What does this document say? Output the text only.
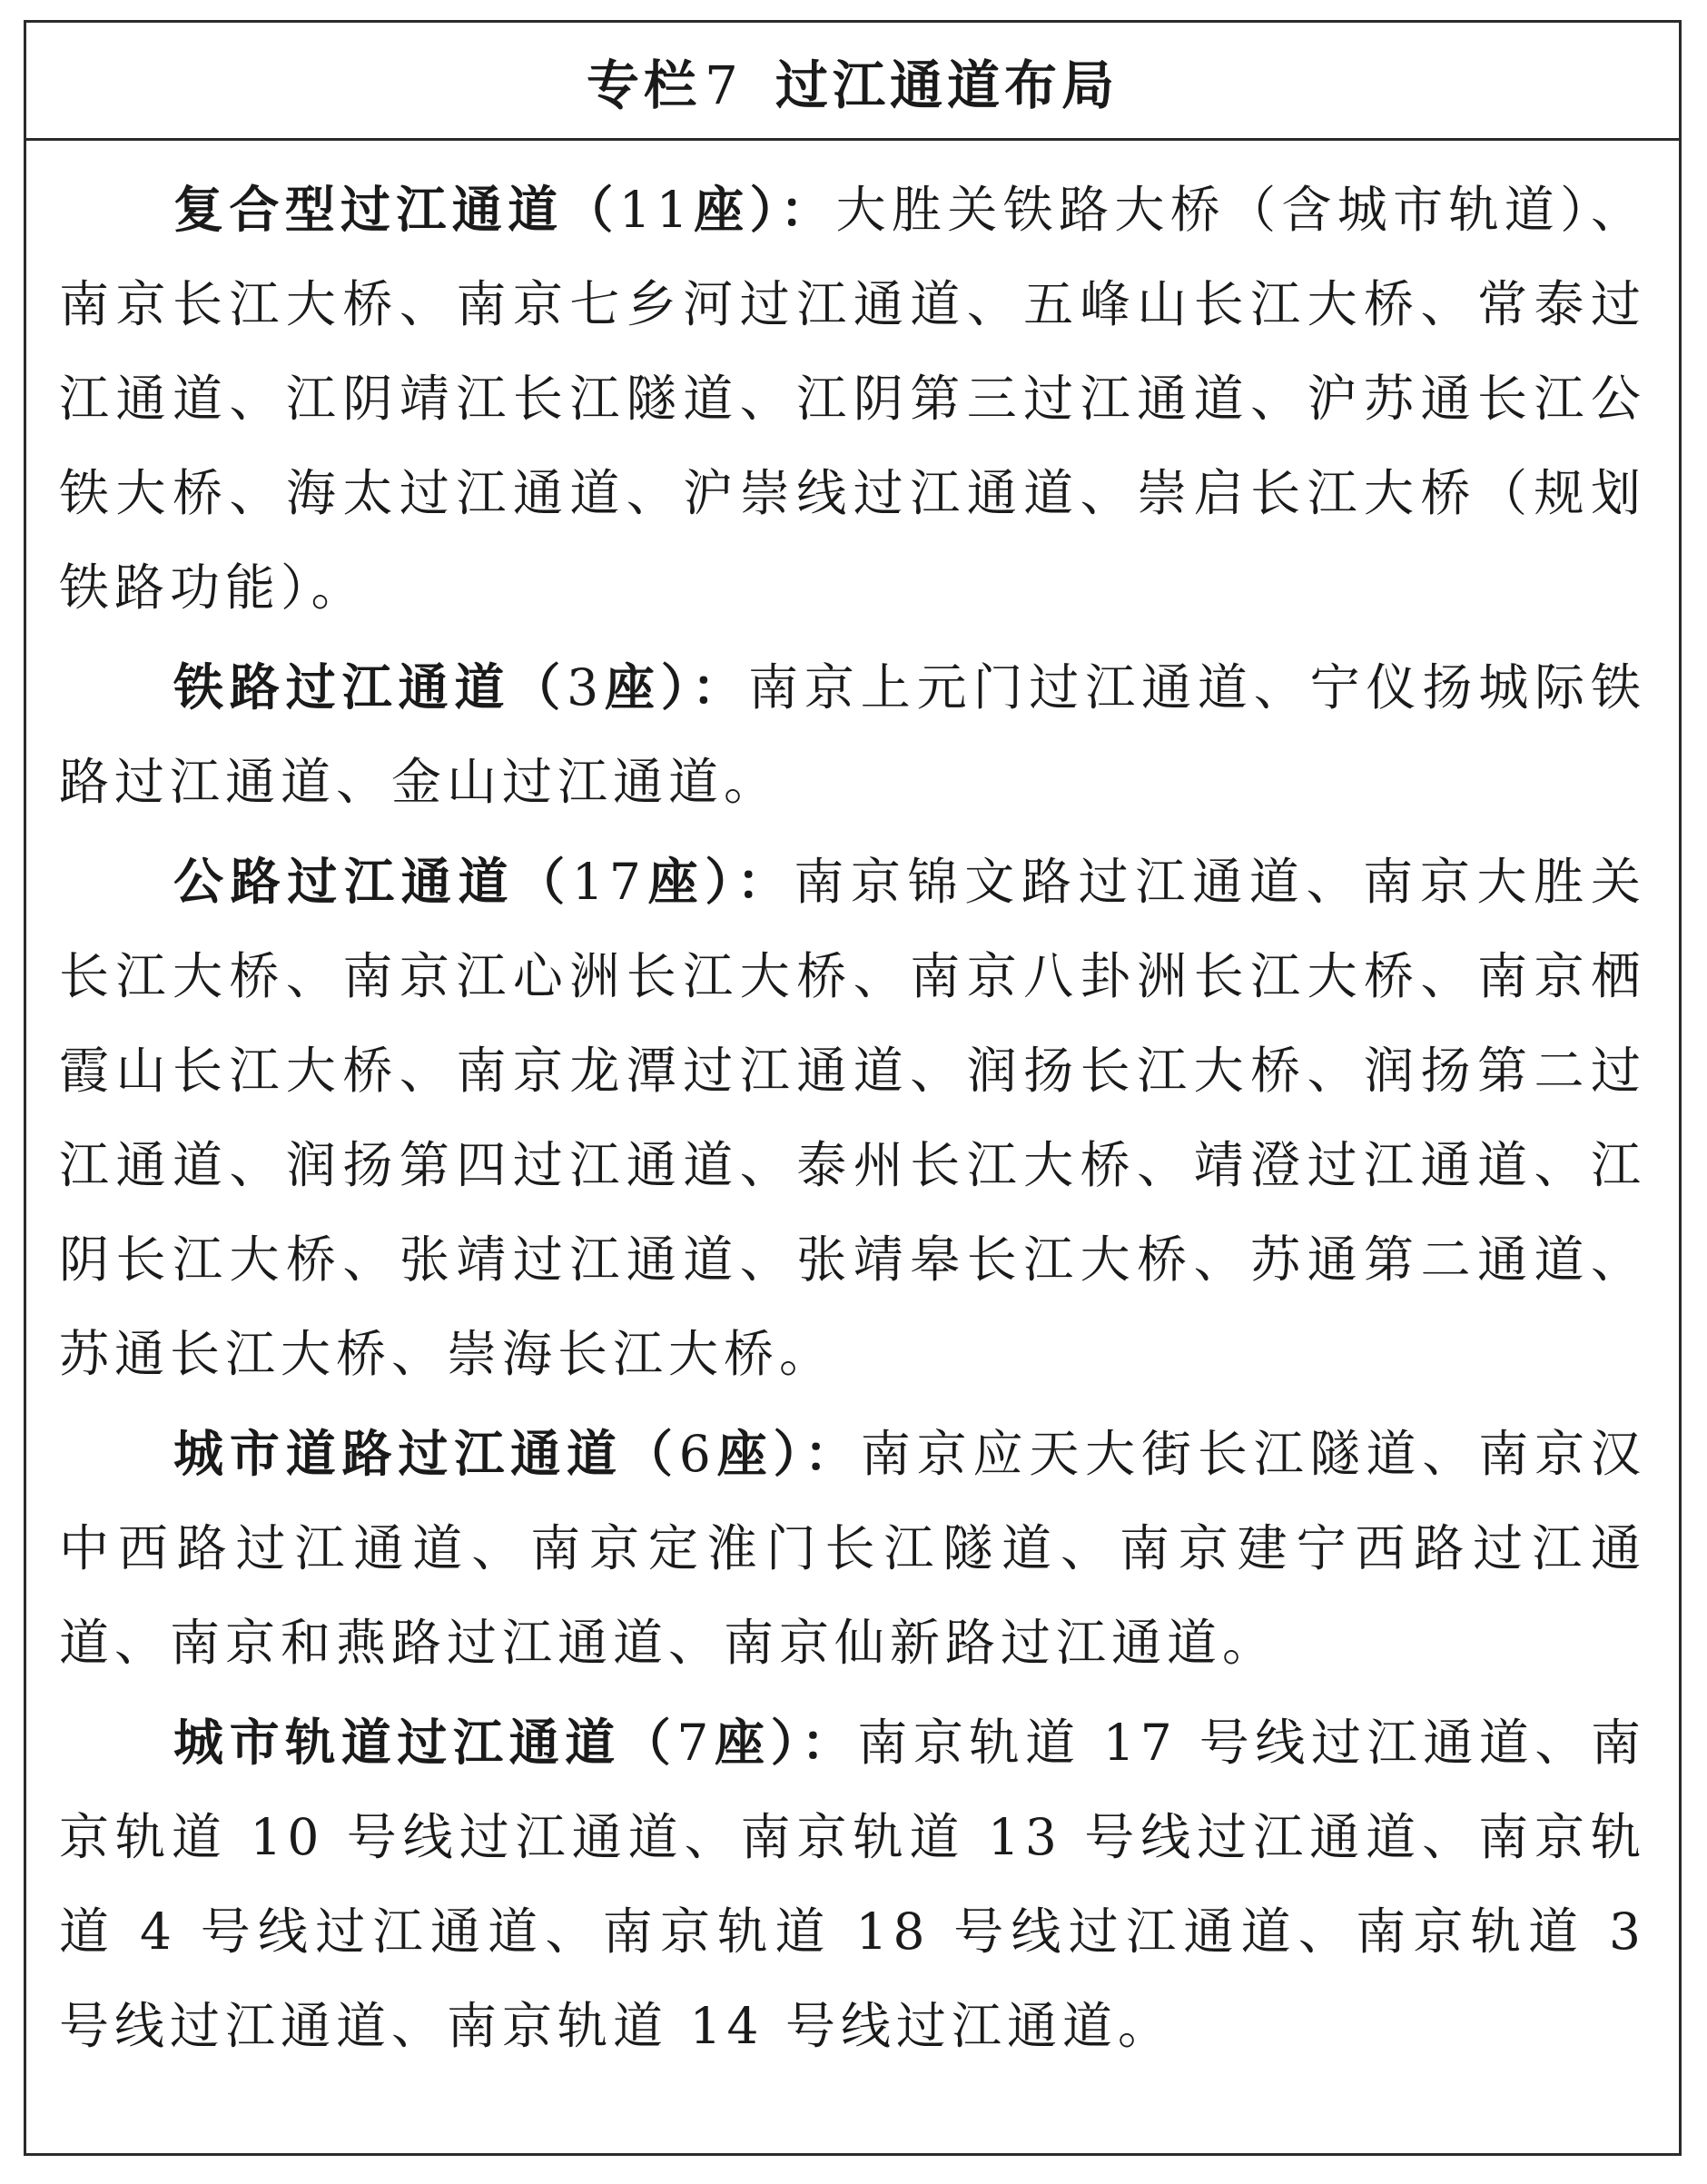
专栏7 过江通道布局

复合型过江通道（11座）：大胜关铁路大桥（含城市轨道）、南京长江大桥、南京七乡河过江通道、五峰山长江大桥、常泰过江通道、江阴靖江长江隧道、江阴第三过江通道、沪苏通长江公铁大桥、海太过江通道、沪崇线过江通道、崇启长江大桥（规划铁路功能）。

铁路过江通道（3座）：南京上元门过江通道、宁仪扬城际铁路过江通道、金山过江通道。

公路过江通道（17座）：南京锦文路过江通道、南京大胜关长江大桥、南京江心洲长江大桥、南京八卦洲长江大桥、南京栖霞山长江大桥、南京龙潭过江通道、润扬长江大桥、润扬第二过江通道、润扬第四过江通道、泰州长江大桥、靖澄过江通道、江阴长江大桥、张靖过江通道、张靖皋长江大桥、苏通第二通道、苏通长江大桥、崇海长江大桥。

城市道路过江通道（6座）：南京应天大街长江隧道、南京汉中西路过江通道、南京定淮门长江隧道、南京建宁西路过江通道、南京和燕路过江通道、南京仙新路过江通道。

城市轨道过江通道（7座）：南京轨道 17 号线过江通道、南京轨道 10 号线过江通道、南京轨道 13 号线过江通道、南京轨道 4 号线过江通道、南京轨道 18 号线过江通道、南京轨道 3 号线过江通道、南京轨道 14 号线过江通道。
